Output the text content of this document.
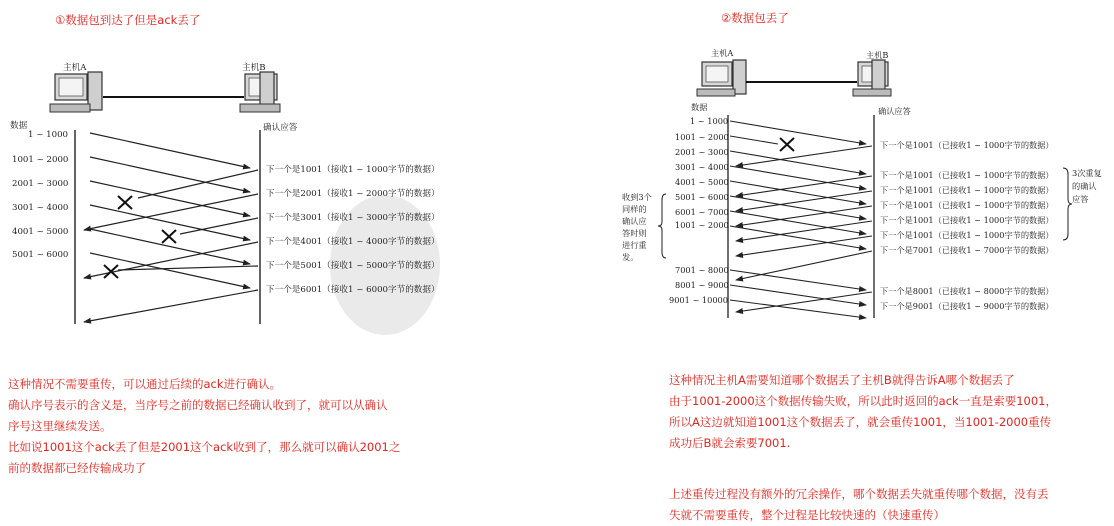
①数据包到达了但是ack丢了	②数据包丢了
主机A	主机B
数据	确认应答
1 ~ 1000
1001 ~ 2000
2001 ~ 3000
3001 ~ 4000
4001 ~ 5000
5001 ~ 6000
下一个是1001（接收1 ~ 1000字节的数据）
下一个是2001（接收1 ~ 2000字节的数据）
下一个是3001（接收1 ~ 3000字节的数据）
下一个是4001（接收1 ~ 4000字节的数据）
下一个是5001（接收1 ~ 5000字节的数据）
下一个是6001（接收1 ~ 6000字节的数据）
主机A	主机B
数据	确认应答
1 ~ 1000
1001 ~ 2000
2001 ~ 3000
3001 ~ 4000
4001 ~ 5000
5001 ~ 6000
6001 ~ 7000
1001 ~ 2000
7001 ~ 8000
8001 ~ 9000
9001 ~ 10000
下一个是1001（已接收1 ~ 1000字节的数据）
下一个是1001（已接收1 ~ 1000字节的数据）
下一个是1001（已接收1 ~ 1000字节的数据）
下一个是1001（已接收1 ~ 1000字节的数据）
下一个是1001（已接收1 ~ 1000字节的数据）
下一个是1001（已接收1 ~ 1000字节的数据）
下一个是7001（已接收1 ~ 7000字节的数据）
下一个是8001（已接收1 ~ 8000字节的数据）
下一个是9001（已接收1 ~ 9000字节的数据）
3次重复
的确认
应答
收到3个
同样的
确认应
答时则
进行重
发。
这种情况不需要重传，可以通过后续的ack进行确认。
确认序号表示的含义是，当序号之前的数据已经确认收到了，就可以从确认
序号这里继续发送。
比如说1001这个ack丢了但是2001这个ack收到了，那么就可以确认2001之
前的数据都已经传输成功了
这种情况主机A需要知道哪个数据丢了主机B就得告诉A哪个数据丢了
由于1001-2000这个数据传输失败，所以此时返回的ack一直是索要1001，
所以A这边就知道1001这个数据丢了，就会重传1001，当1001-2000重传
成功后B就会索要7001.
上述重传过程没有额外的冗余操作，哪个数据丢失就重传哪个数据，没有丢
失就不需要重传，整个过程是比较快速的（快速重传）
